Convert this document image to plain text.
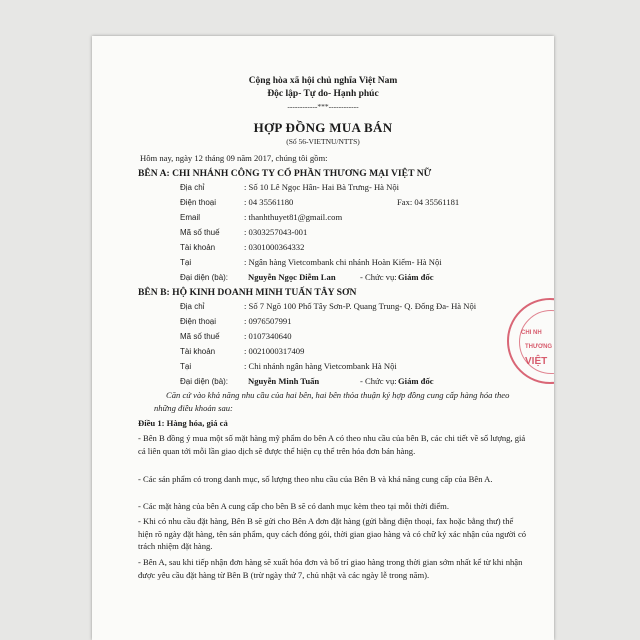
Cộng hòa xã hội chủ nghĩa Việt Nam
Độc lập- Tự do- Hạnh phúc
------------***------------
HỢP ĐỒNG MUA BÁN
(Số 56-VIETNU/NTTS)
Hôm nay, ngày 12 tháng 09 năm 2017, chúng tôi gồm:
BÊN A: CHI NHÁNH CÔNG TY CỔ PHẦN THƯƠNG MẠI VIỆT NỮ
Địa chỉ	: Số 10 Lê Ngọc Hân- Hai Bà Trưng- Hà Nội
Điện thoại	: 04 35561180	Fax: 04 35561181
Email	: thanhthuyet81@gmail.com
Mã số thuế	: 0303257043-001
Tài khoản	: 0301000364332
Tại	: Ngân hàng Vietcombank chi nhánh Hoàn Kiếm- Hà Nội
Đại diện (bà): Nguyễn Ngọc Diễm Lan	- Chức vụ: Giám đốc
BÊN B: HỘ KINH DOANH MINH TUẤN TÂY SƠN
Địa chỉ	: Số 7 Ngõ 100 Phố Tây Sơn-P. Quang Trung- Q. Đống Đa- Hà Nội
Điện thoại	: 0976507991
Mã số thuế	: 0107340640
Tài khoản	: 0021000317409
Tại	: Chi nhánh ngân hàng Vietcombank Hà Nội
Đại diện (bà): Nguyễn Minh Tuấn	- Chức vụ: Giám đốc
Căn cứ vào khả năng nhu cầu của hai bên, hai bên thỏa thuận ký hợp đồng cung cấp hàng hóa theo những điều khoản sau:
Điều 1: Hàng hóa, giá cả
- Bên B đồng ý mua một số mặt hàng mỹ phẩm do bên A có theo nhu cầu của bên B, các chi tiết về số lượng, giá cả liên quan tới mỗi lần giao dịch sẽ được thể hiện cụ thể trên hóa đơn bán hàng.
- Các sản phẩm có trong danh mục, số lượng theo nhu cầu của Bên B và khả năng cung cấp của Bên A.
- Các mặt hàng của bên A cung cấp cho bên B sẽ có danh mục kèm theo tại mỗi thời điểm.
- Khi có nhu cầu đặt hàng, Bên B sẽ gửi cho Bên A đơn đặt hàng (gửi bằng điện thoại, fax hoặc bằng thư) thể hiện rõ ngày đặt hàng, tên sản phẩm, quy cách đóng gói, thời gian giao hàng và có chữ ký xác nhận của người có trách nhiệm đặt hàng.
- Bên A, sau khi tiếp nhận đơn hàng sẽ xuất hóa đơn và bố trí giao hàng trong thời gian sớm nhất kể từ khi nhận được yêu cầu đặt hàng từ Bên B (trừ ngày thứ 7, chủ nhật và các ngày lễ trong năm).
CHI NH
THƯƠNG
VIỆT
